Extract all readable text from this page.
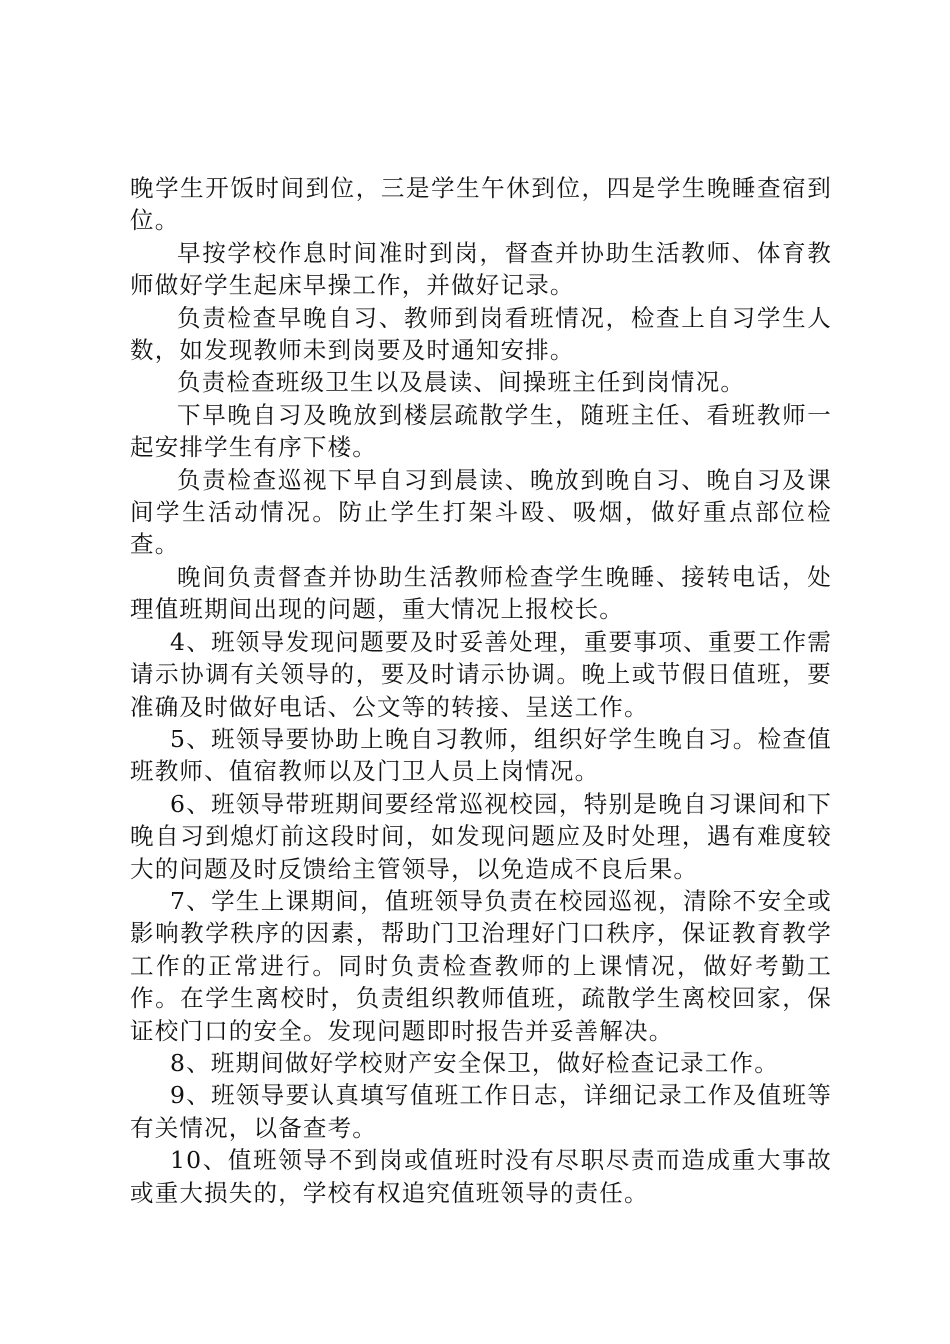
晚学生开饭时间到位，三是学生午休到位，四是学生晚睡查宿到位。

早按学校作息时间准时到岗，督查并协助生活教师、体育教师做好学生起床早操工作，并做好记录。

负责检查早晚自习、教师到岗看班情况，检查上自习学生人数，如发现教师未到岗要及时通知安排。

负责检查班级卫生以及晨读、间操班主任到岗情况。

下早晚自习及晚放到楼层疏散学生，随班主任、看班教师一起安排学生有序下楼。

负责检查巡视下早自习到晨读、晚放到晚自习、晚自习及课间学生活动情况。防止学生打架斗殴、吸烟，做好重点部位检查。

晚间负责督查并协助生活教师检查学生晚睡、接转电话，处理值班期间出现的问题，重大情况上报校长。

4、班领导发现问题要及时妥善处理，重要事项、重要工作需请示协调有关领导的，要及时请示协调。晚上或节假日值班，要准确及时做好电话、公文等的转接、呈送工作。

5、班领导要协助上晚自习教师，组织好学生晚自习。检查值班教师、值宿教师以及门卫人员上岗情况。

6、班领导带班期间要经常巡视校园，特别是晚自习课间和下晚自习到熄灯前这段时间，如发现问题应及时处理，遇有难度较大的问题及时反馈给主管领导，以免造成不良后果。

7、学生上课期间，值班领导负责在校园巡视，清除不安全或影响教学秩序的因素，帮助门卫治理好门口秩序，保证教育教学工作的正常进行。同时负责检查教师的上课情况，做好考勤工作。在学生离校时，负责组织教师值班，疏散学生离校回家，保证校门口的安全。发现问题即时报告并妥善解决。

8、班期间做好学校财产安全保卫，做好检查记录工作。

9、班领导要认真填写值班工作日志，详细记录工作及值班等有关情况，以备查考。

10、值班领导不到岗或值班时没有尽职尽责而造成重大事故或重大损失的，学校有权追究值班领导的责任。
